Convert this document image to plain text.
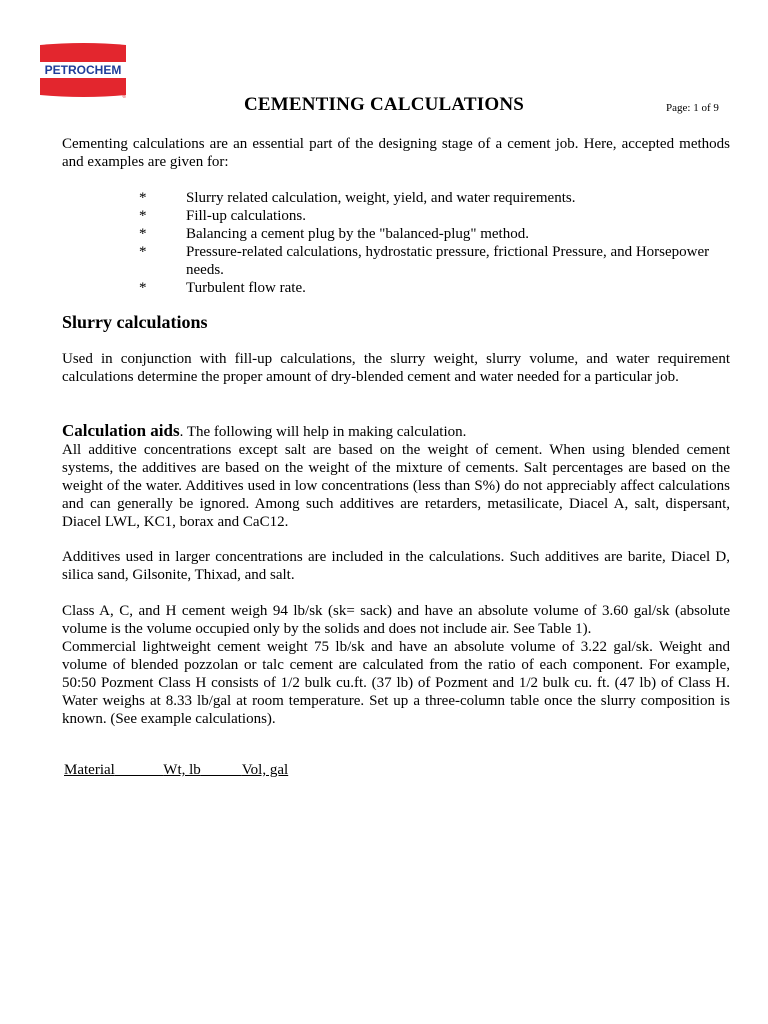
PETROCHEM
®	CEMENTING CALCULATIONS	Page: 1 of 9
Cementing calculations are an essential part of the designing stage of a cement job. Here, accepted methods and examples are given for:
*	Slurry related calculation, weight, yield, and water requirements.
*	Fill-up calculations.
*	Balancing a cement plug by the "balanced-plug" method.
*	Pressure-related calculations, hydrostatic pressure, frictional Pressure, and Horsepower needs.
*	Turbulent flow rate.
Slurry calculations
Used in conjunction with fill-up calculations, the slurry weight, slurry volume, and water requirement calculations determine the proper amount of dry-blended cement and water needed for a particular job.
Calculation aids. The following will help in making calculation.
All additive concentrations except salt are based on the weight of cement. When using blended cement systems, the additives are based on the weight of the mixture of cements. Salt percentages are based on the weight of the water. Additives used in low concentrations (less than S%) do not appreciably affect calculations and can generally be ignored. Among such additives are retarders, metasilicate, Diacel A, salt, dispersant, Diacel LWL, KC1, borax and CaC12.
Additives used in larger concentrations are included in the calculations. Such additives are barite, Diacel D, silica sand, Gilsonite, Thixad, and salt.
Class A, C, and H cement weigh 94 lb/sk (sk= sack) and have an absolute volume of 3.60 gal/sk (absolute volume is the volume occupied only by the solids and does not include air. See Table 1).
Commercial lightweight cement weight 75 lb/sk and have an absolute volume of 3.22 gal/sk. Weight and volume of blended pozzolan or talc cement are calculated from the ratio of each component. For example, 50:50 Pozment Class H consists of 1/2 bulk cu.ft. (37 lb) of Pozment and 1/2 bulk cu. ft. (47 lb) of Class H. Water weighs at 8.33 lb/gal at room temperature. Set up a three-column table once the slurry composition is known. (See example calculations).
Material	Wt, lb	Vol, gal
